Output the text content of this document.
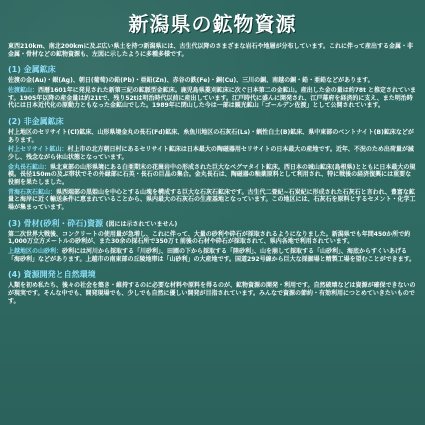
新潟県の鉱物資源
東西210km、南北200kmに及ぶ広い県土を持つ新潟県には、古生代以降のさまざまな岩石や地層が分布しています。これに伴って産出する金属・非金属・骨材などの鉱物資源も、左図に示したように多種多様です。
(1) 金属鉱床
佐渡の金(Au)・銀(Ag)、朝日(葡萄)の鉛(Pb)・亜鉛(Zn)、赤谷の鉄(Fe)・銅(Cu)、三川の銅、南越の銅・鉛・亜鉛などがあります。
佐渡鉱山：西暦1601年に発見された新第三紀の鉱脈型金鉱床。鹿児島県菱刈鉱床に次ぐ日本第二の金鉱山。産出した金の量は約78t と推定されています。1905年以降の産金量は約21tで、残り52tは明治時代以前に産出しています。江戸時代に盛んに開発され、江戸幕府を経済的に支え、また明治時代には日本近代化の原動力ともなった金鉱山でした。1989年に閉山した今は一部は観光鉱山「ゴールデン佐渡」として公開されています。
(2) 非金属鉱床
村上地区のセリサイト(Cl)鉱床、山形県境金丸の長石(Fd)鉱床、糸魚川地区の石灰石(Ls)・蝋性白土(B)鉱床、県中東部のベントナイト(B)鉱床などがあります。
村上セリサイト鉱山：村上市の北方朝日村にあるセリサイト鉱床は日本最大の陶磁器用セリサイトの日本最大の産地です。近年、不況のため出荷量が減少し、残念ながら休山状態となっています。
金丸長石鉱山：県北東部の山形県境にある白亜期末の花崗岩中の形成された巨大なペグマタイト鉱床。西日本の城山鉱床(島根県)とともに日本最大の規模。長径150mの及ぶ帯状でその外縁部に石英・長石の巨晶の集合。金丸長石は、陶磁器の釉薬原料として利用され、特に戦後の経済復興には重要な役割を果たしました。
青海石灰石鉱山：県西端部の黒姫山を中心とする山塊を構成する巨大な石灰石鉱床です。古生代二畳紀~石炭紀に形成された石灰石と言われ、豊富な鉱量と海岸に近く輸送条件に恵まれていることから、県内最大の石灰石の生産基地となっています。この地区には、石灰石を原料とするセメント・化学工場が集まっています。
(3) 骨材(砂利・砕石)資源 (図には示されていません)
第二次世界大戦後、コンクリートの使用量が急増し、これに伴って、大量の砂利や砕石が採取されるようになりました。新潟県でも年間450か所で約1,000万立方メートルの砂利が、また30余の採石所で350万ｔ前後の石材や砕石が採取されて、県内各地で利用されています。
上越地区の山砂利：砂利には河川から採取する「川砂利」、田圃の下から採取する「陸砂利」、山を崩して採取する「山砂利」、海底からすくいあげる「海砂利」などがあります。上越市の南東部の丘陵地帯は「山砂利」の大産地です。国道292号線から巨大な採掘場と精製工場を望むことができます。
(4) 資源開発と自然環境
人類を初め私たち、後々の社会を築き・維持するのに必要な材料や原料を得るのが、鉱物資源の開発・利用です。自然破壊などは資源が確保できないのが現実です。そんな中でも、開発現場でも、少しでも自然に優しい開発が目指されています。みんなで資源の節約・有効利用につとめていきたいものです。
